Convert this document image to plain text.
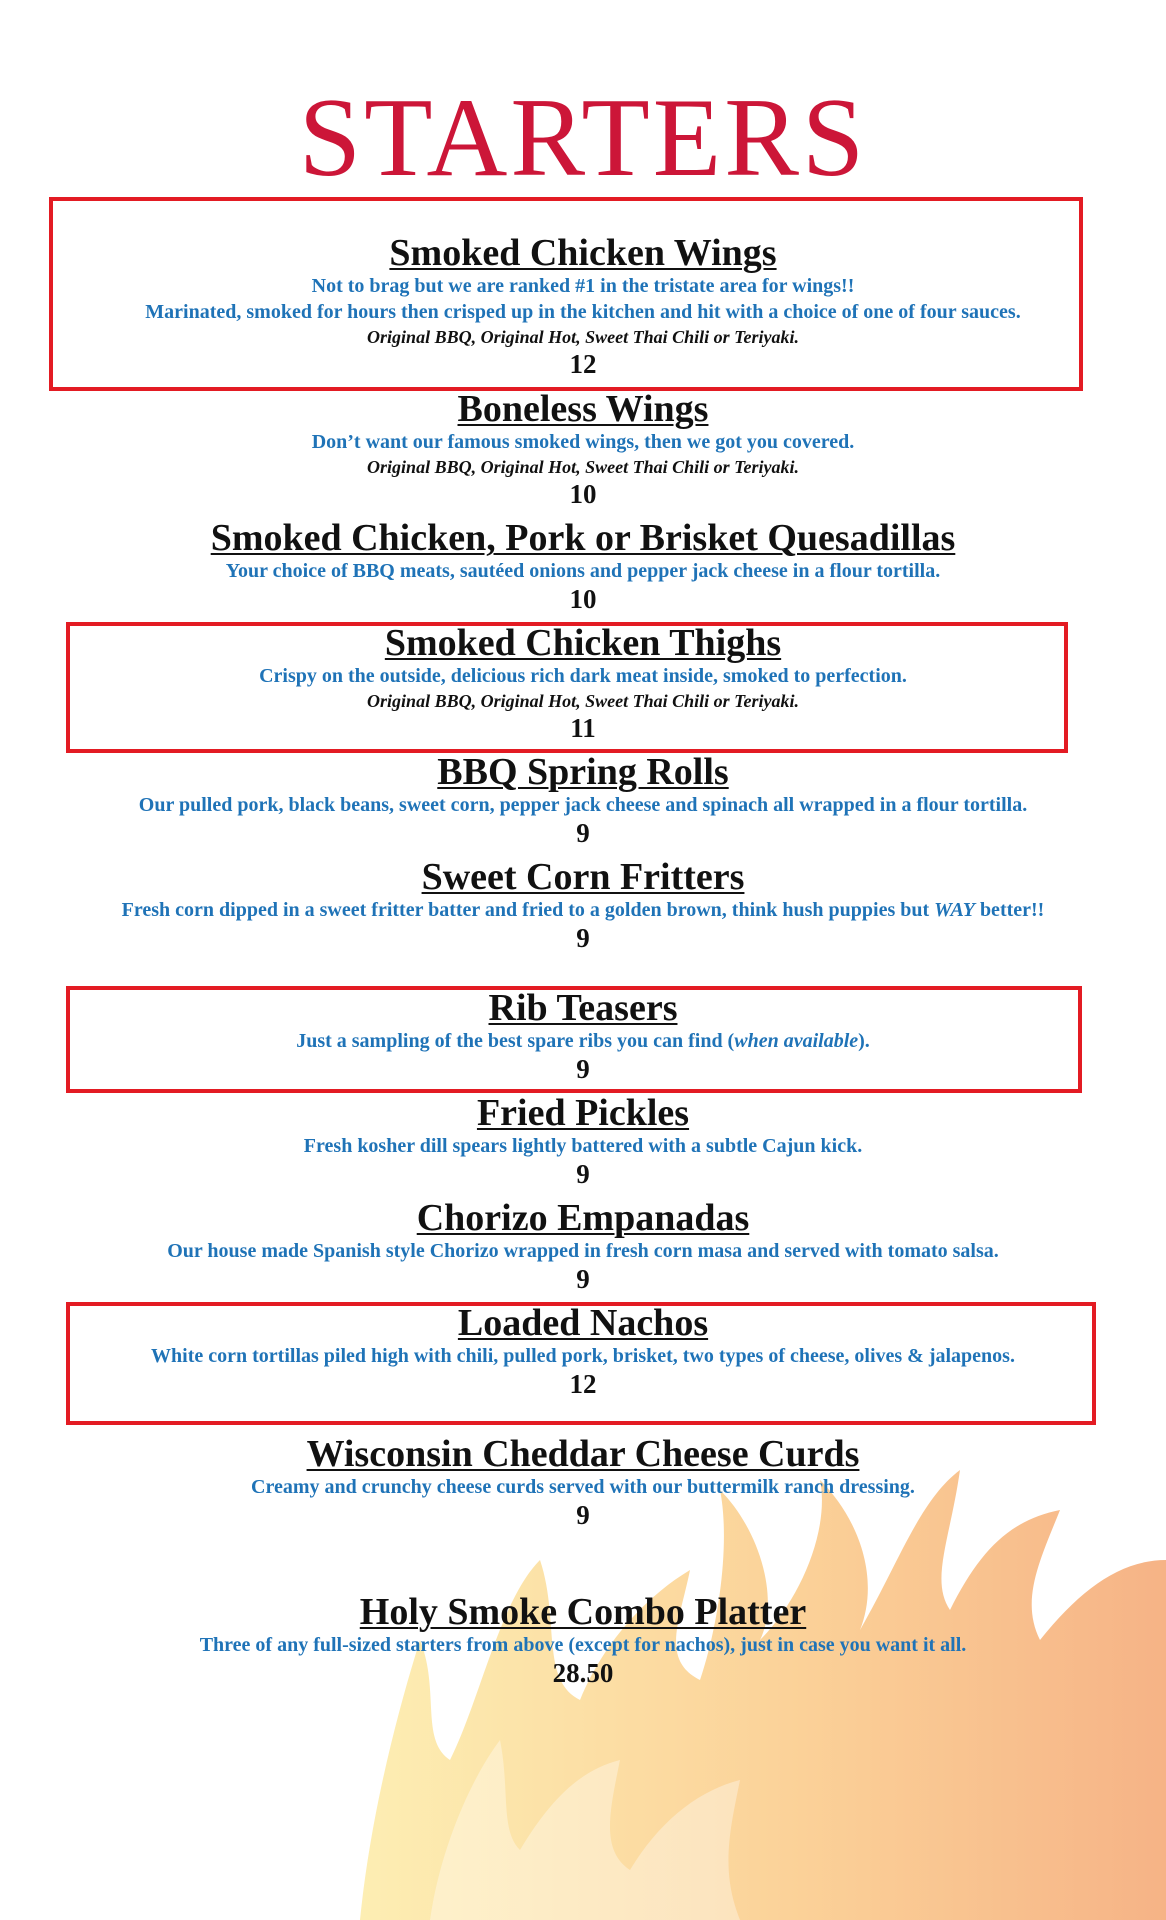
STARTERS
Smoked Chicken Wings
Not to brag but we are ranked #1 in the tristate area for wings!!
Marinated, smoked for hours then crisped up in the kitchen and hit with a choice of one of four sauces.
Original BBQ, Original Hot, Sweet Thai Chili or Teriyaki.
12
Boneless Wings
Don’t want our famous smoked wings, then we got you covered.
Original BBQ, Original Hot, Sweet Thai Chili or Teriyaki.
10
Smoked Chicken, Pork or Brisket Quesadillas
Your choice of BBQ meats, sautéed onions and pepper jack cheese in a flour tortilla.
10
Smoked Chicken Thighs
Crispy on the outside, delicious rich dark meat inside, smoked to perfection.
Original BBQ, Original Hot, Sweet Thai Chili or Teriyaki.
11
BBQ Spring Rolls
Our pulled pork, black beans, sweet corn, pepper jack cheese and spinach all wrapped in a flour tortilla.
9
Sweet Corn Fritters
Fresh corn dipped in a sweet fritter batter and fried to a golden brown, think hush puppies but WAY better!!
9
Rib Teasers
Just a sampling of the best spare ribs you can find (when available).
9
Fried Pickles
Fresh kosher dill spears lightly battered with a subtle Cajun kick.
9
Chorizo Empanadas
Our house made Spanish style Chorizo wrapped in fresh corn masa and served with tomato salsa.
9
Loaded Nachos
White corn tortillas piled high with chili, pulled pork, brisket, two types of cheese, olives & jalapenos.
12
Wisconsin Cheddar Cheese Curds
Creamy and crunchy cheese curds served with our buttermilk ranch dressing.
9
Holy Smoke Combo Platter
Three of any full-sized starters from above (except for nachos), just in case you want it all.
28.50
